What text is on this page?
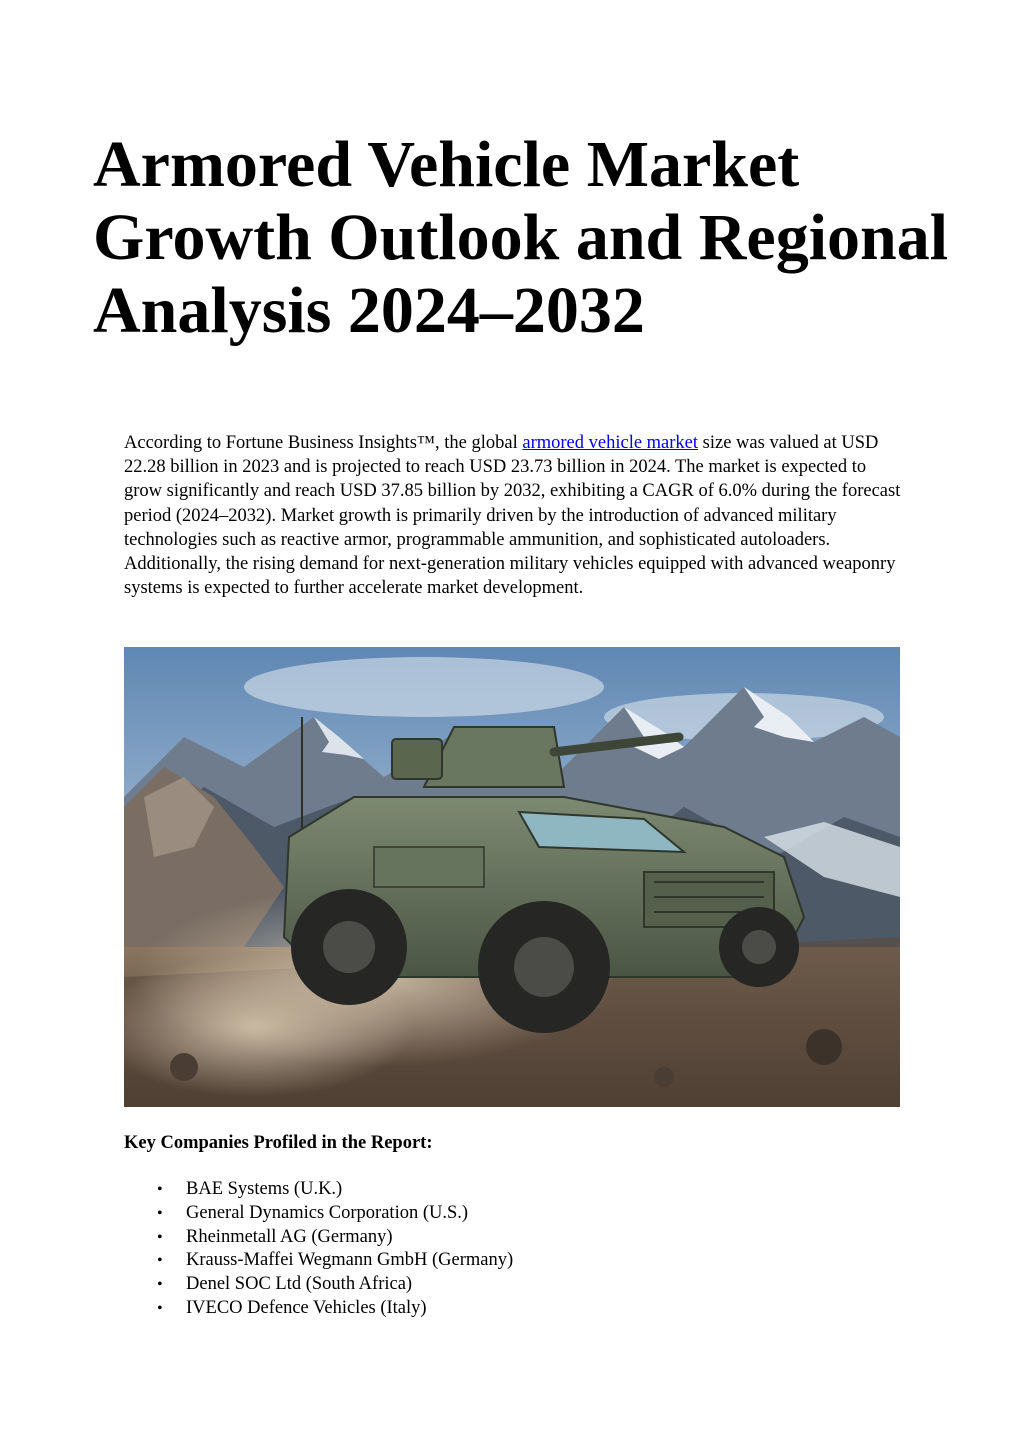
Armored Vehicle Market Growth Outlook and Regional Analysis 2024–2032

According to Fortune Business Insights™, the global armored vehicle market size was valued at USD 22.28 billion in 2023 and is projected to reach USD 23.73 billion in 2024. The market is expected to grow significantly and reach USD 37.85 billion by 2032, exhibiting a CAGR of 6.0% during the forecast period (2024–2032). Market growth is primarily driven by the introduction of advanced military technologies such as reactive armor, programmable ammunition, and sophisticated autoloaders. Additionally, the rising demand for next-generation military vehicles equipped with advanced weaponry systems is expected to further accelerate market development.

Key Companies Profiled in the Report:
• BAE Systems (U.K.)
• General Dynamics Corporation (U.S.)
• Rheinmetall AG (Germany)
• Krauss-Maffei Wegmann GmbH (Germany)
• Denel SOC Ltd (South Africa)
• IVECO Defence Vehicles (Italy)
